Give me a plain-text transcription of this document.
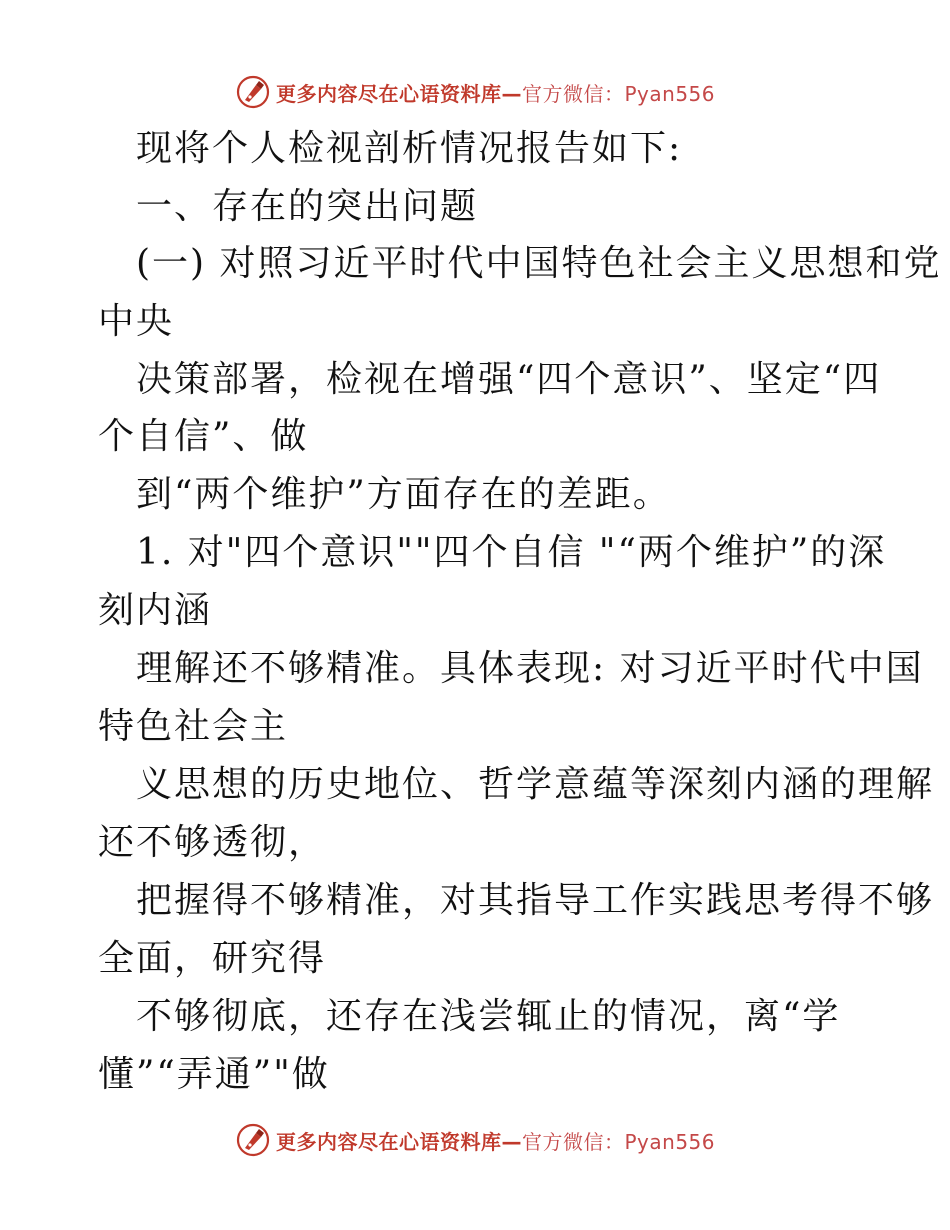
更多内容尽在心语资料库—官方微信：Pyan556
现将个人检视剖析情况报告如下:
一、存在的突出问题
(一) 对照习近平时代中国特色社会主义思想和党
中央
决策部署，检视在增强“四个意识”、坚定“四
个自信”、做
到“两个维护”方面存在的差距。
1. 对"四个意识""四个自信 "“两个维护”的深
刻内涵
理解还不够精准。具体表现: 对习近平时代中国
特色社会主
义思想的历史地位、哲学意蕴等深刻内涵的理解
还不够透彻，
把握得不够精准，对其指导工作实践思考得不够
全面，研究得
不够彻底，还存在浅尝辄止的情况，离“学
懂”“弄通”"做
更多内容尽在心语资料库—官方微信：Pyan556
